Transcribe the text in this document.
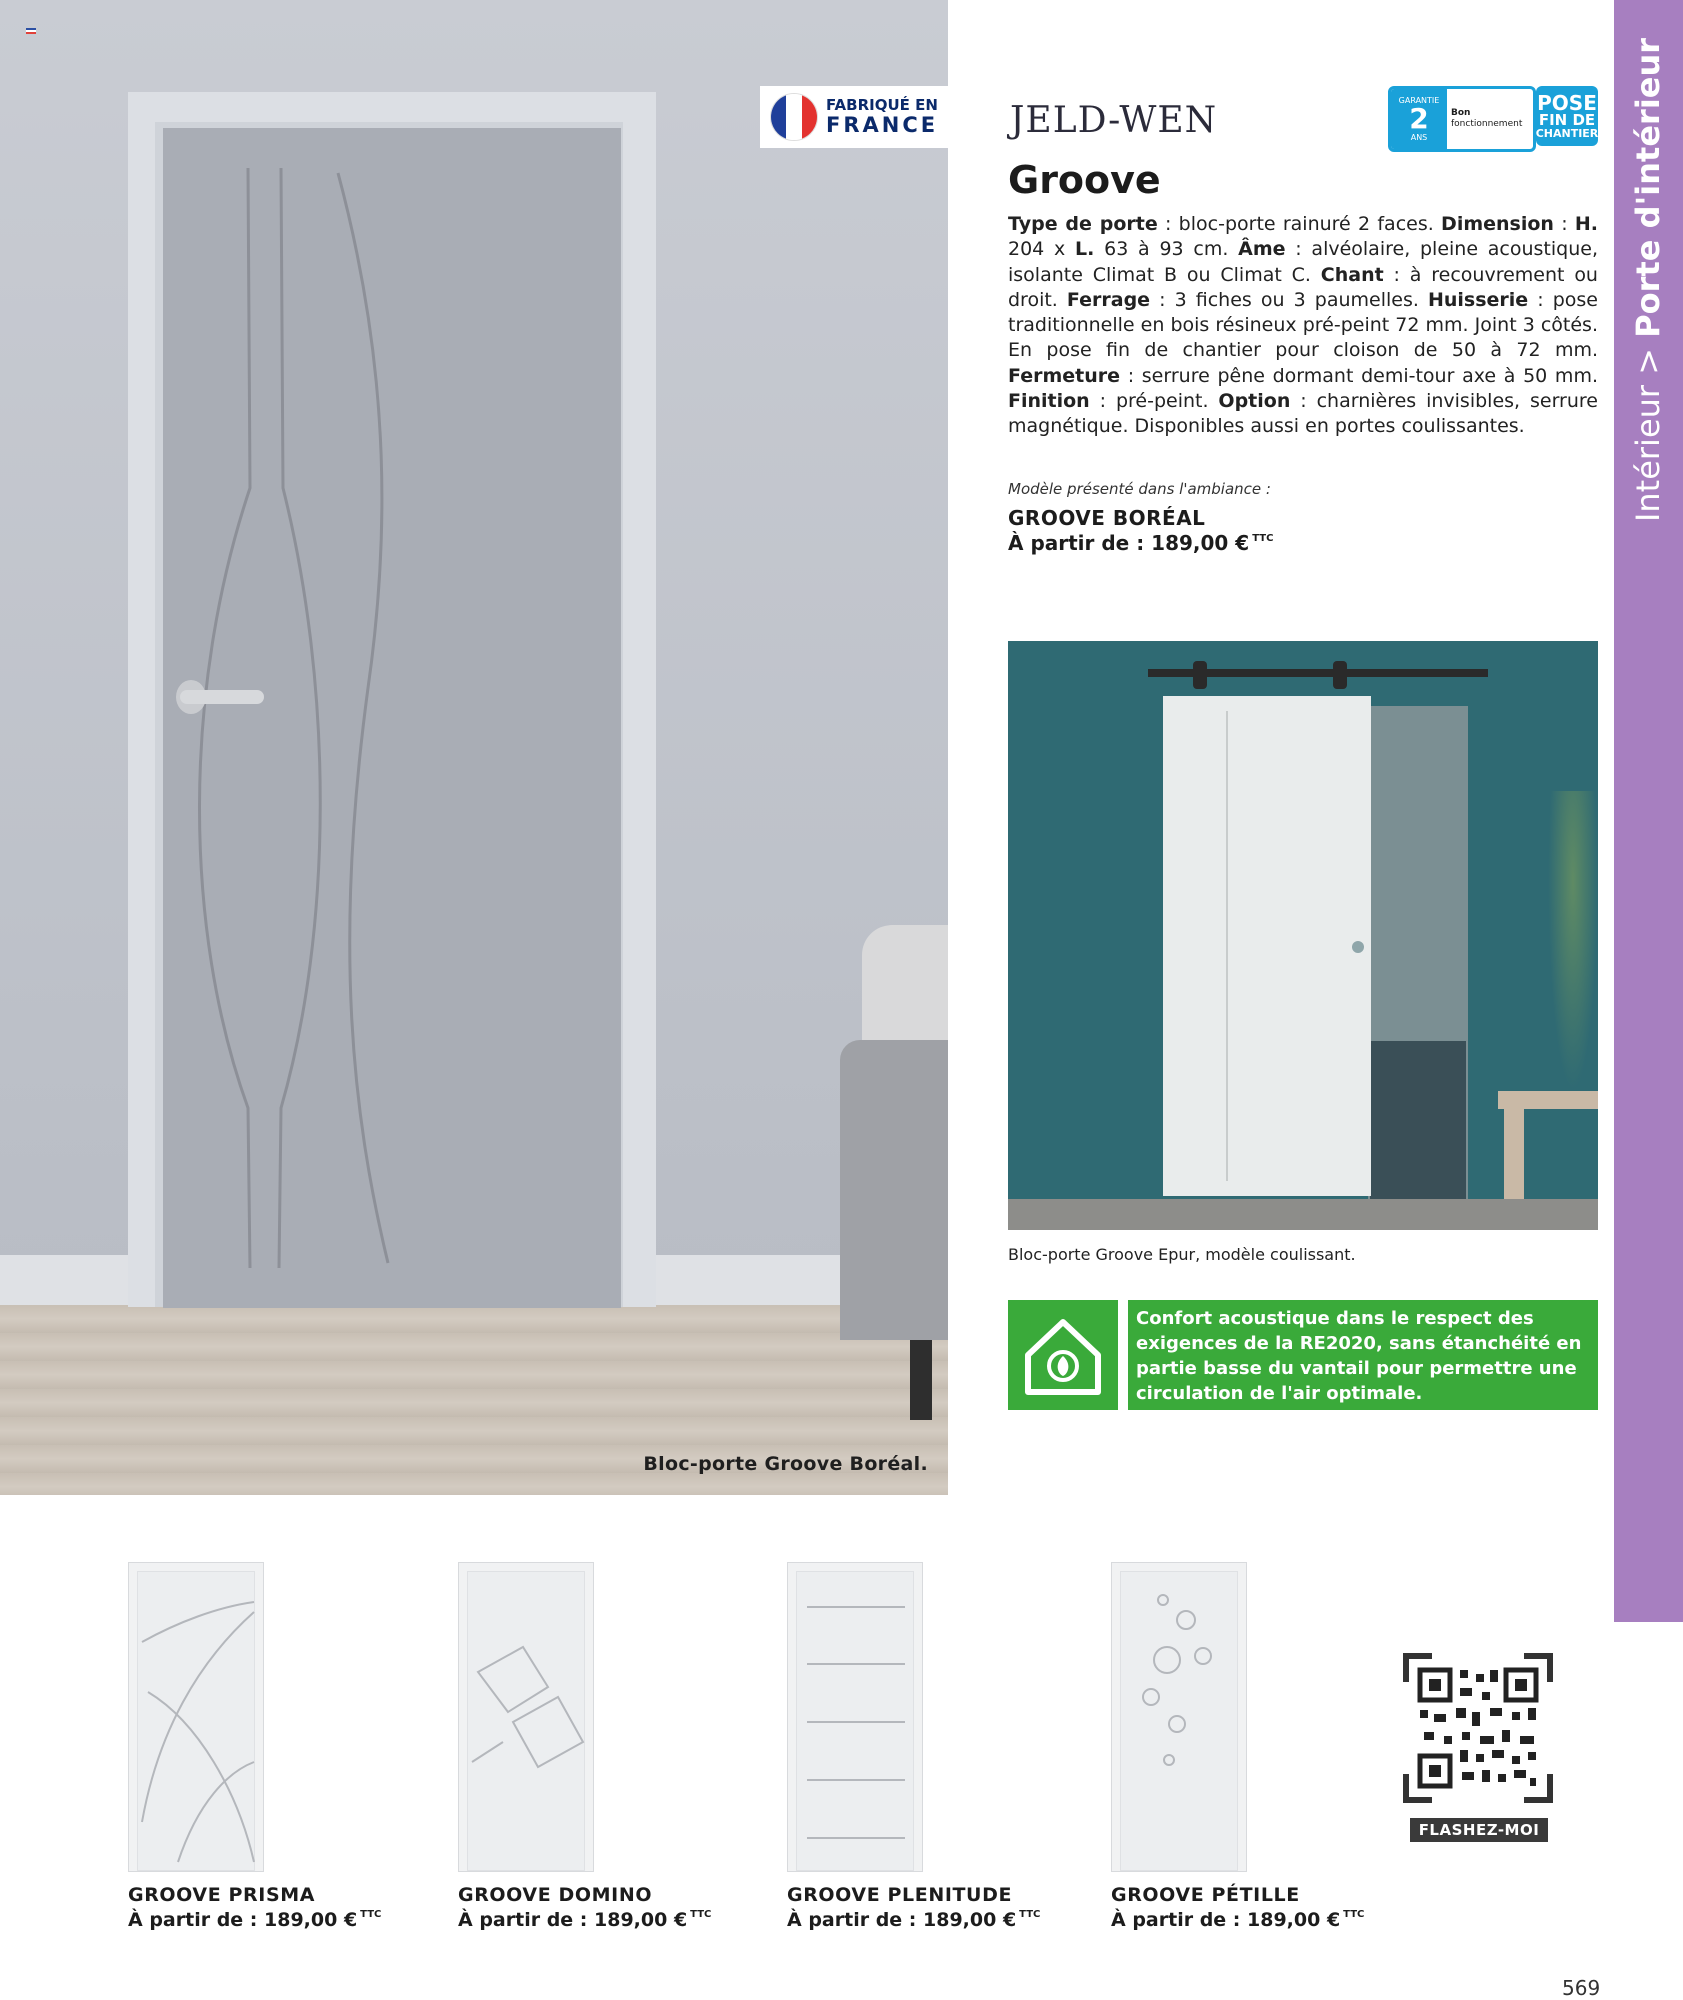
Bloc-porte Groove Boréal.
FABRIQUÉ EN
FRANCE JELD-WEN	GARANTIE
2
ANS
Bon
fonctionnement
POSE
FIN DE
CHANTIER
Groove
Type de porte : bloc-porte rainuré 2 faces. Dimension : H. 204 x L. 63 à 93 cm. Âme : alvéolaire, pleine acoustique, isolante Climat B ou Climat C. Chant : à recouvrement ou droit. Ferrage : 3 fiches ou 3 paumelles. Huisserie : pose traditionnelle en bois résineux pré-peint 72 mm. Joint 3 côtés. En pose fin de chantier pour cloison de 50 à 72 mm. Fermeture : serrure pêne dormant demi-tour axe à 50 mm. Finition : pré-peint. Option : charnières invisibles, serrure magnétique. Disponibles aussi en portes coulissantes.
Modèle présenté dans l'ambiance :
GROOVE BORÉAL
À partir de : 189,00 € $^{TTC}$
Bloc-porte Groove Epur, modèle coulissant.
Confort acoustique dans le respect des exigences de la RE2020, sans étanchéité en partie basse du vantail pour permettre une circulation de l'air optimale.
Intérieur > Porte d'intérieur
GROOVE PRISMA
À partir de : 189,00 € $^{TTC}$
GROOVE DOMINO
À partir de : 189,00 € $^{TTC}$
GROOVE PLENITUDE
À partir de : 189,00 € $^{TTC}$
GROOVE PÉTILLE
À partir de : 189,00 € $^{TTC}$
FLASHEZ-MOI
569
